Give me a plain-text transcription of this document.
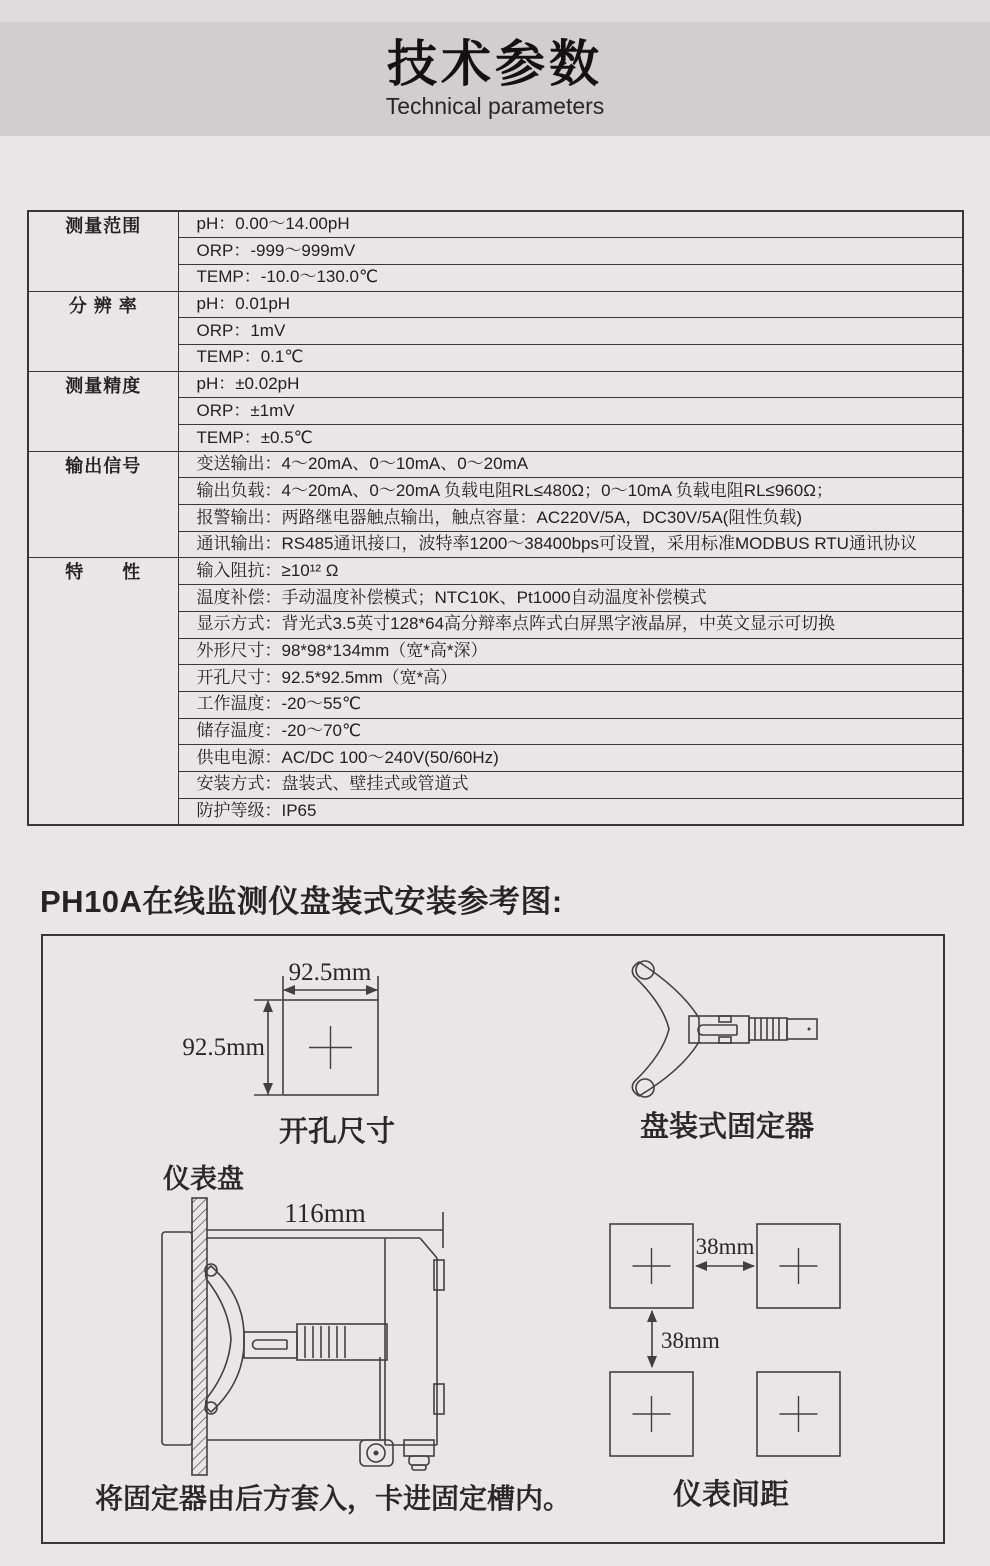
技术参数
Technical parameters
测量范围	pH：0.00～14.00pH
	ORP：-999～999mV
	TEMP：-10.0～130.0℃
分 辨 率	pH：0.01pH
	ORP：1mV
	TEMP：0.1℃
测量精度	pH：±0.02pH
	ORP：±1mV
	TEMP：±0.5℃
输出信号	变送输出：4～20mA、0～10mA、0～20mA
	输出负载：4～20mA、0～20mA 负载电阻RL≤480Ω；0～10mA 负载电阻RL≤960Ω；
	报警输出：两路继电器触点输出，触点容量：AC220V/5A，DC30V/5A(阻性负载)
	通讯输出：RS485通讯接口，波特率1200～38400bps可设置，采用标准MODBUS RTU通讯协议
特　　性	输入阻抗：≥10¹² Ω
	温度补偿：手动温度补偿模式；NTC10K、Pt1000自动温度补偿模式
	显示方式：背光式3.5英寸128*64高分辩率点阵式白屏黑字液晶屏，中英文显示可切换
	外形尺寸：98*98*134mm（宽*高*深）
	开孔尺寸：92.5*92.5mm（宽*高）
	工作温度：-20～55℃
	储存温度：-20～70℃
	供电电源：AC/DC 100～240V(50/60Hz)
	安装方式：盘装式、壁挂式或管道式
	防护等级：IP65
PH10A在线监测仪盘装式安装参考图:
92.5mm
92.5mm
开孔尺寸	盘装式固定器
仪表盘
116mm
将固定器由后方套入，卡进固定槽内。
38mm
38mm
仪表间距
